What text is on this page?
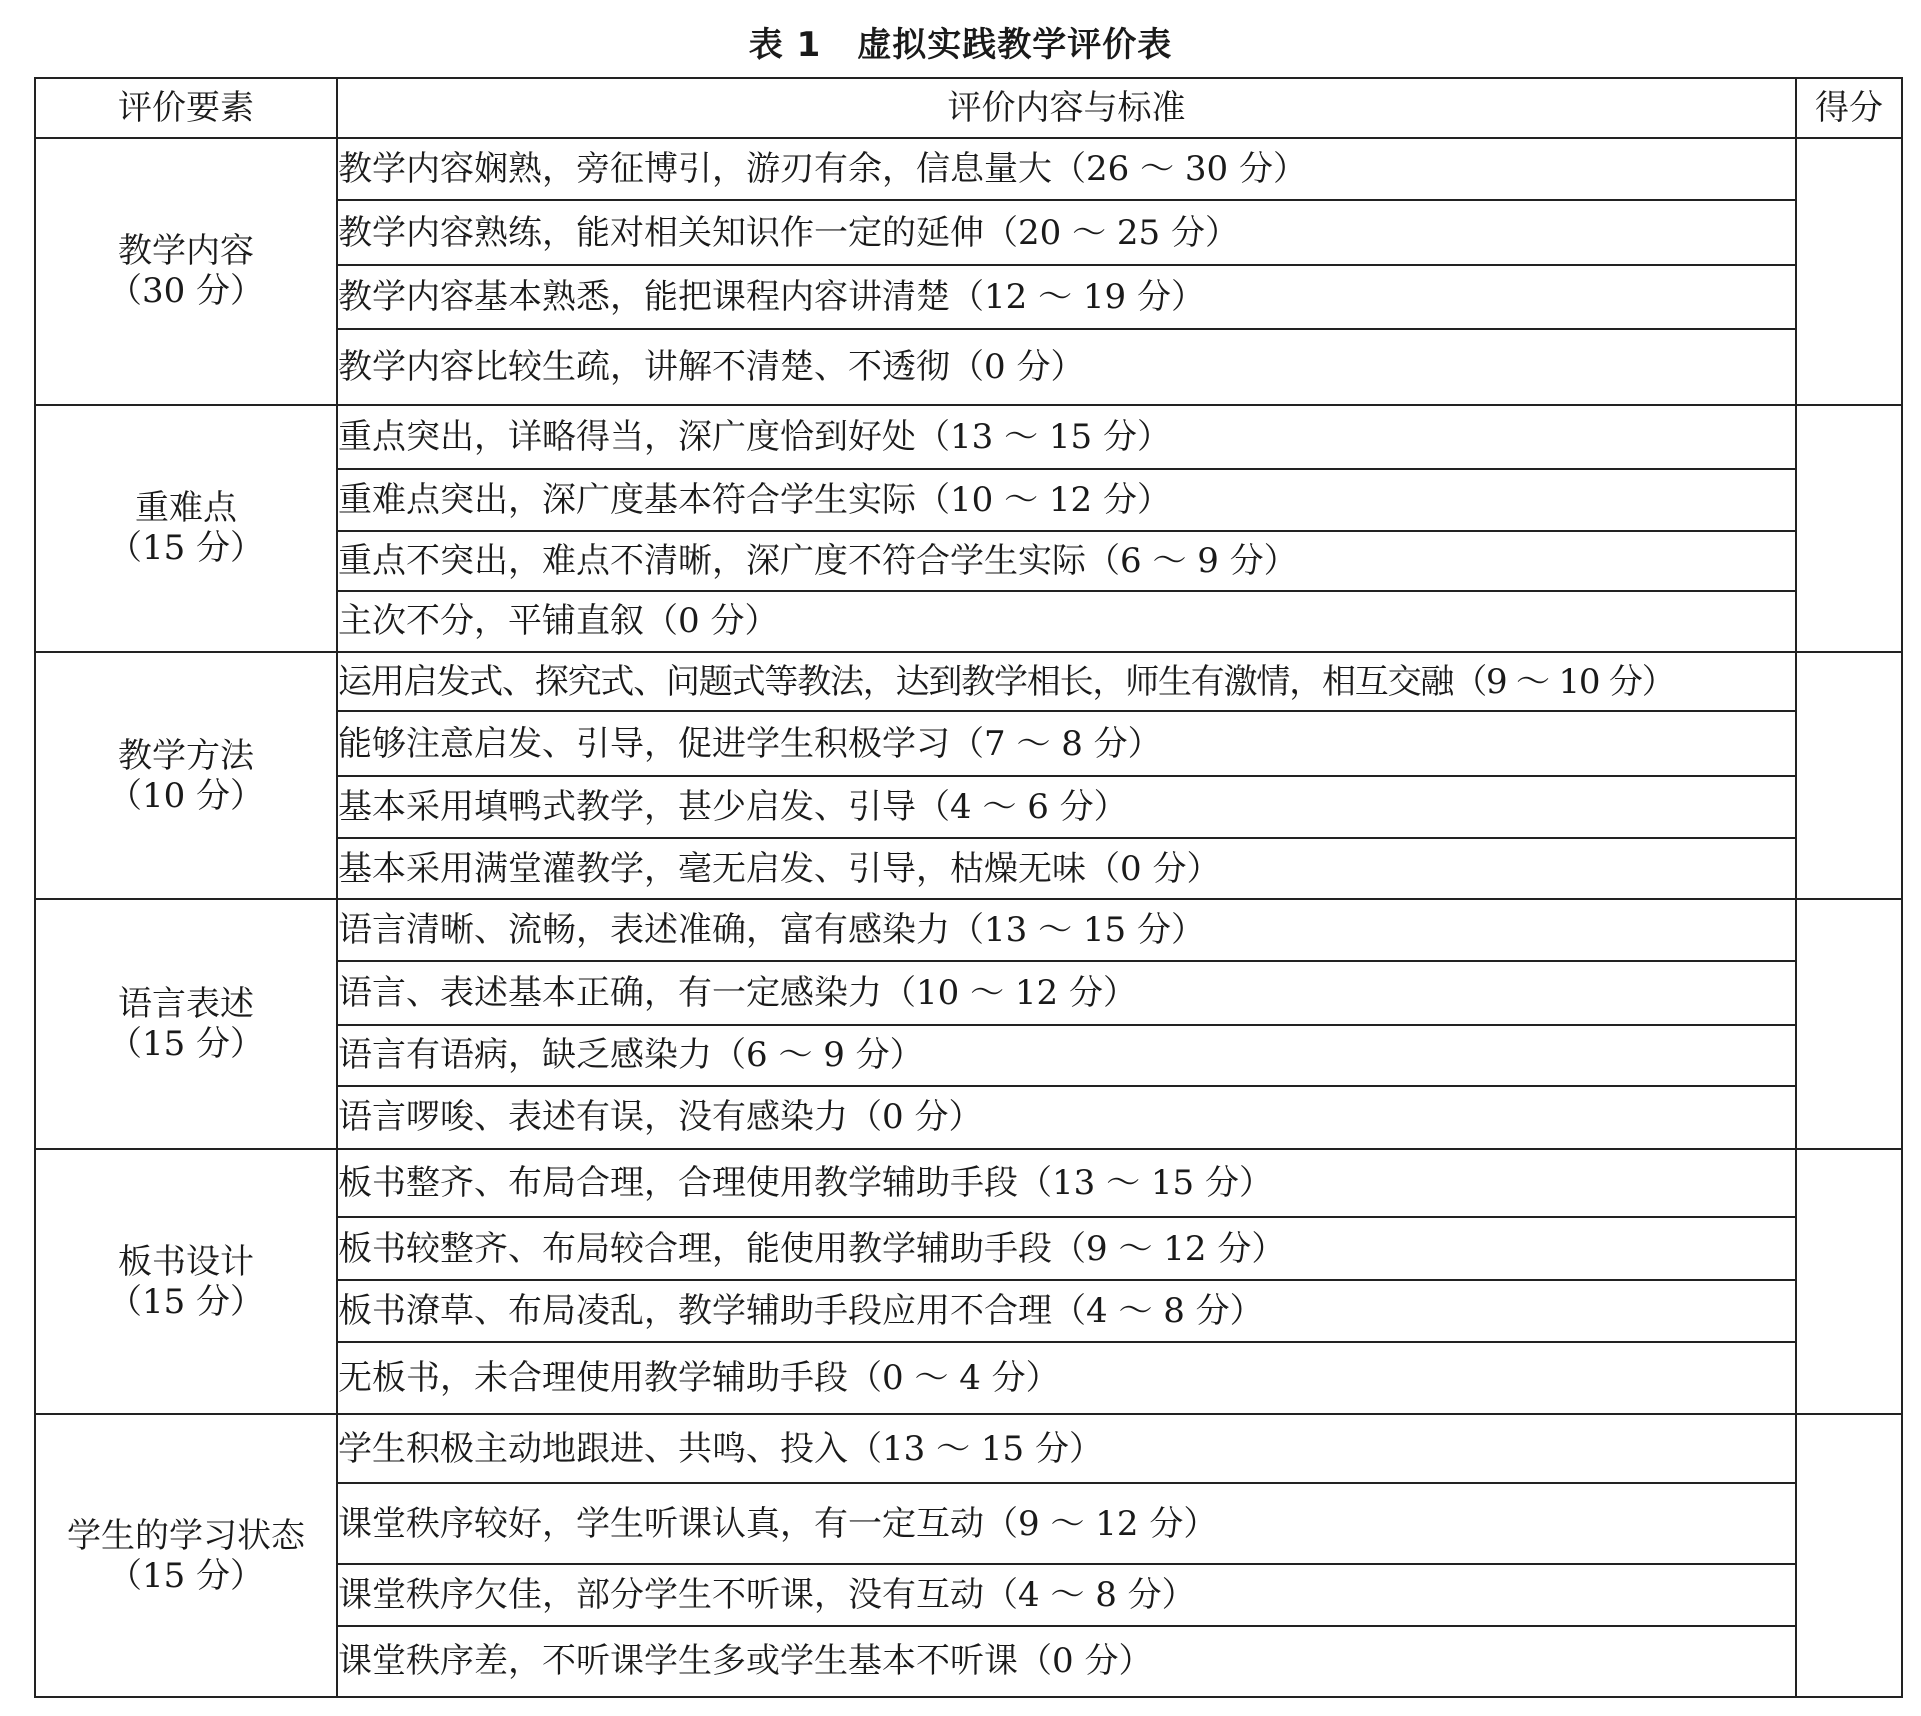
表 1 虚拟实践教学评价表
评价要素	评价内容与标准	得分
教学内容
（30 分）	教学内容娴熟，旁征博引，游刃有余，信息量大（26 ～ 30 分）	
	教学内容熟练，能对相关知识作一定的延伸（20 ～ 25 分）	
	教学内容基本熟悉，能把课程内容讲清楚（12 ～ 19 分）	
	教学内容比较生疏，讲解不清楚、不透彻（0 分）	
重难点
（15 分）	重点突出，详略得当，深广度恰到好处（13 ～ 15 分）	
	重难点突出，深广度基本符合学生实际（10 ～ 12 分）	
	重点不突出，难点不清晰，深广度不符合学生实际（6 ～ 9 分）	
	主次不分，平铺直叙（0 分）	
教学方法
（10 分）	运用启发式、探究式、问题式等教法，达到教学相长，师生有激情，相互交融（9 ～ 10 分）	
	能够注意启发、引导，促进学生积极学习（7 ～ 8 分）	
	基本采用填鸭式教学，甚少启发、引导（4 ～ 6 分）	
	基本采用满堂灌教学，毫无启发、引导，枯燥无味（0 分）	
语言表述
（15 分）	语言清晰、流畅，表述准确，富有感染力（13 ～ 15 分）	
	语言、表述基本正确，有一定感染力（10 ～ 12 分）	
	语言有语病，缺乏感染力（6 ～ 9 分）	
	语言啰唆、表述有误，没有感染力（0 分）	
板书设计
（15 分）	板书整齐、布局合理，合理使用教学辅助手段（13 ～ 15 分）	
	板书较整齐、布局较合理，能使用教学辅助手段（9 ～ 12 分）	
	板书潦草、布局凌乱，教学辅助手段应用不合理（4 ～ 8 分）	
	无板书，未合理使用教学辅助手段（0 ～ 4 分）	
学生的学习状态
（15 分）	学生积极主动地跟进、共鸣、投入（13 ～ 15 分）	
	课堂秩序较好，学生听课认真，有一定互动（9 ～ 12 分）	
	课堂秩序欠佳，部分学生不听课，没有互动（4 ～ 8 分）	
	课堂秩序差，不听课学生多或学生基本不听课（0 分）	
